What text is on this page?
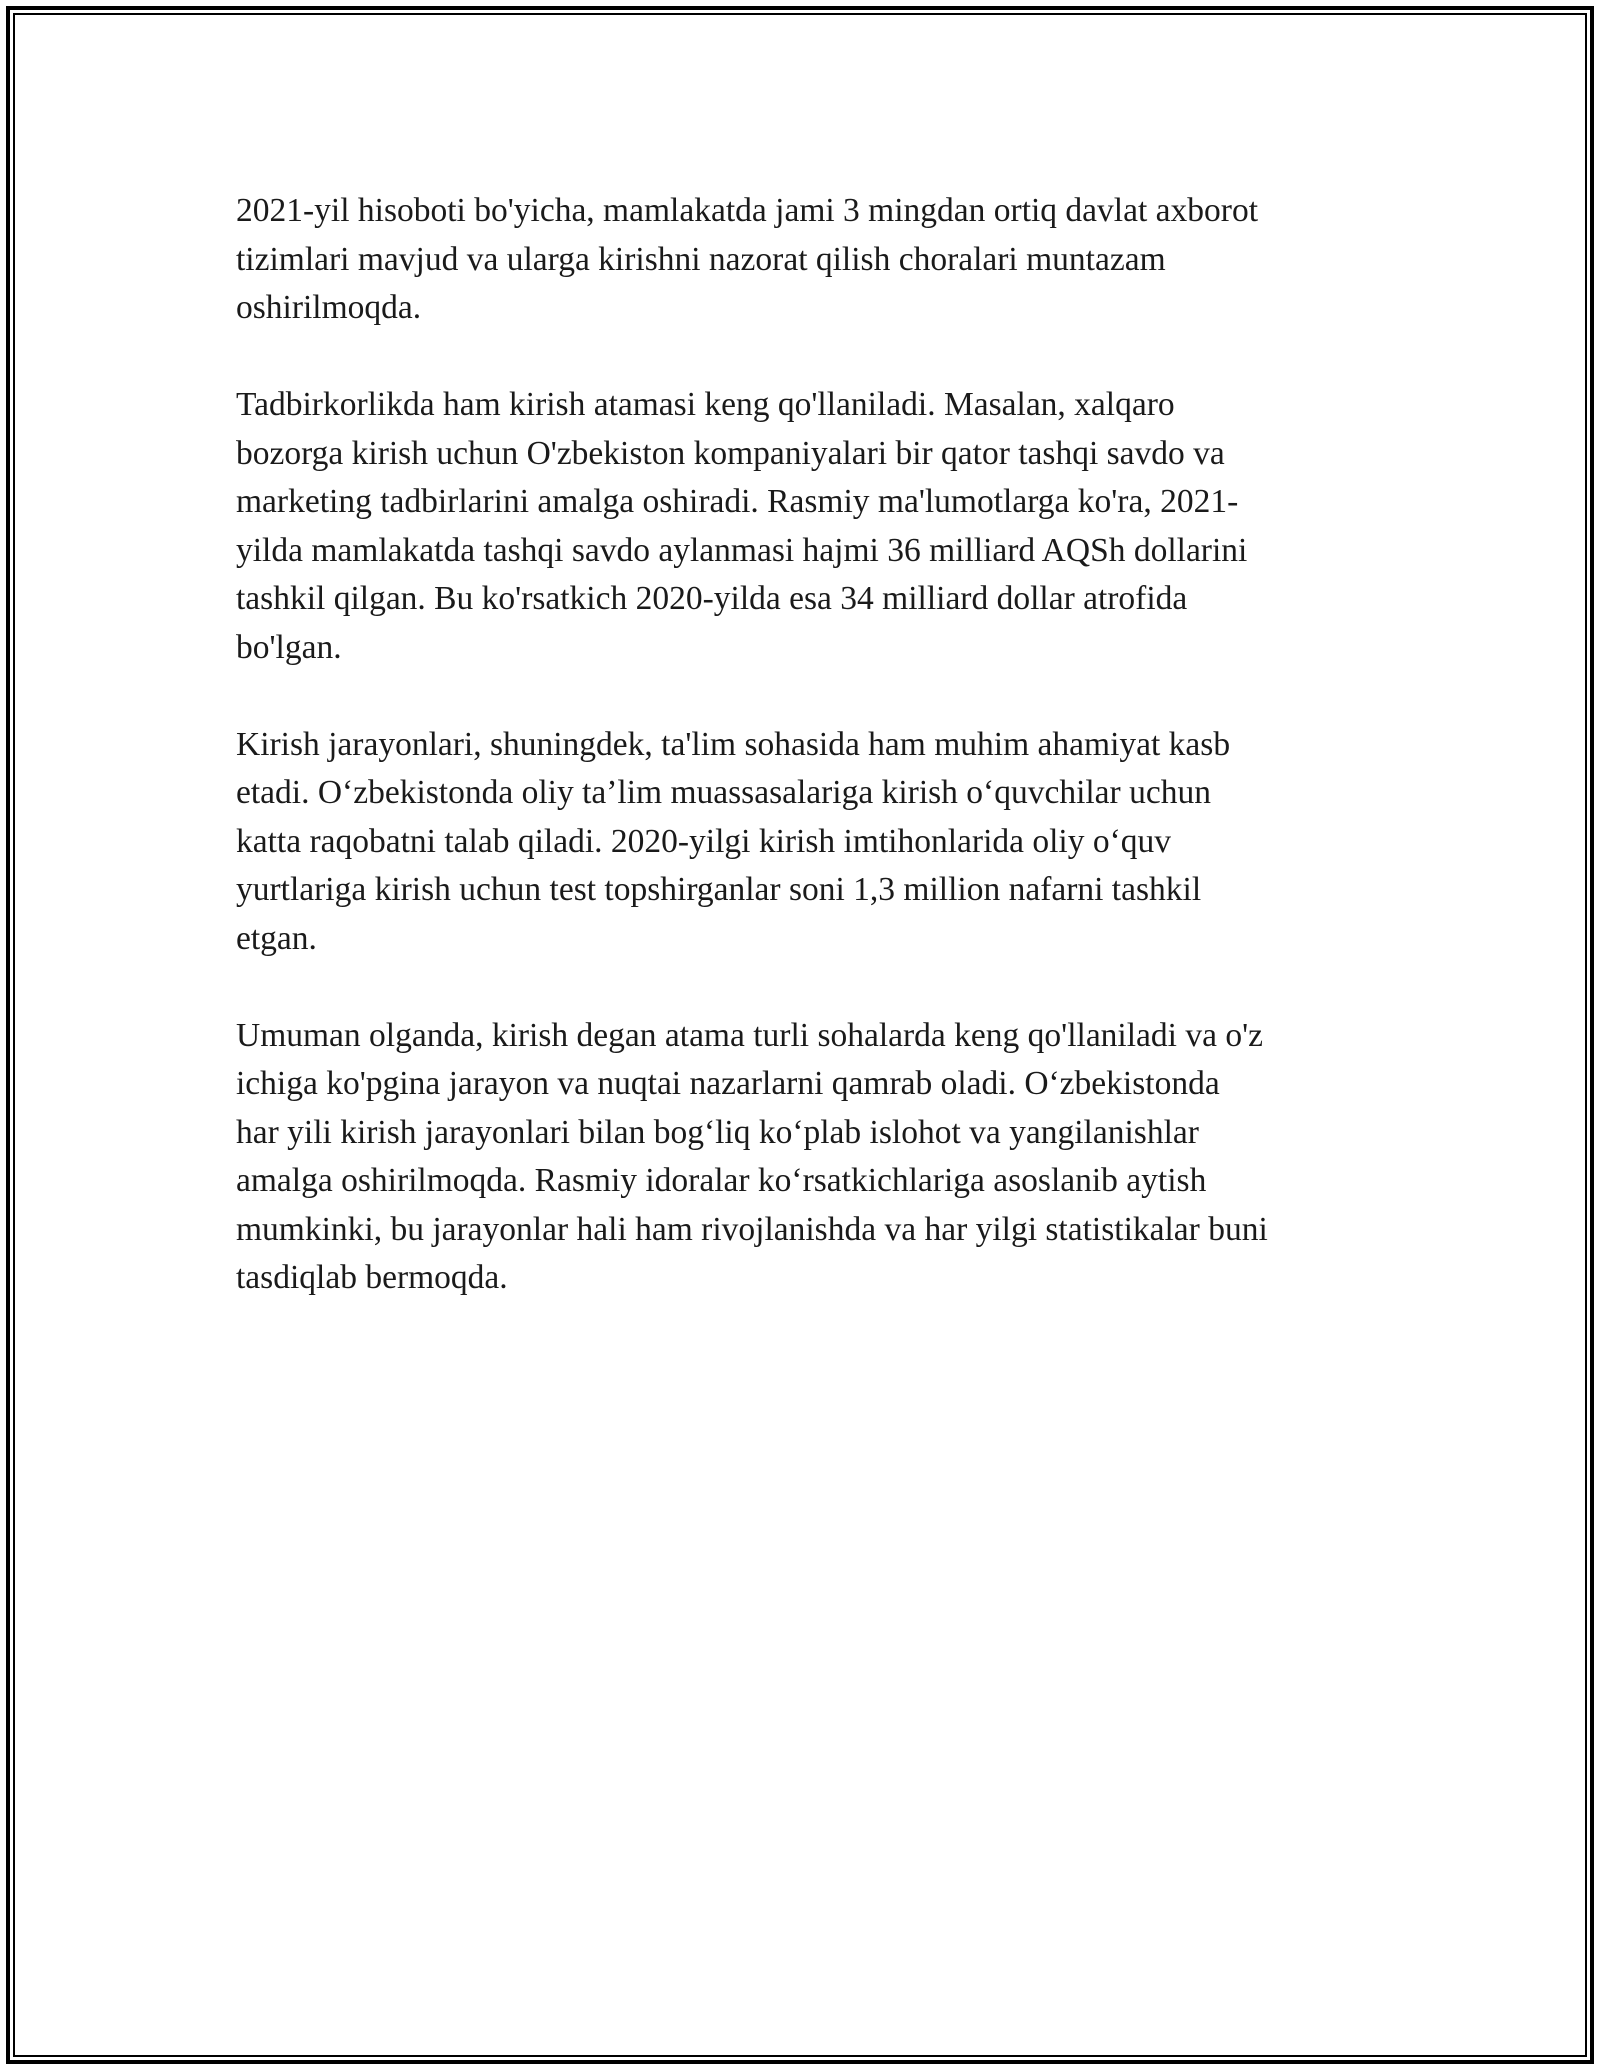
2021-yil hisoboti bo'yicha, mamlakatda jami 3 mingdan ortiq davlat axborot
tizimlari mavjud va ularga kirishni nazorat qilish choralari muntazam
oshirilmoqda.

Tadbirkorlikda ham kirish atamasi keng qo'llaniladi. Masalan, xalqaro
bozorga kirish uchun O'zbekiston kompaniyalari bir qator tashqi savdo va
marketing tadbirlarini amalga oshiradi. Rasmiy ma'lumotlarga ko'ra, 2021-
yilda mamlakatda tashqi savdo aylanmasi hajmi 36 milliard AQSh dollarini
tashkil qilgan. Bu ko'rsatkich 2020-yilda esa 34 milliard dollar atrofida
bo'lgan.

Kirish jarayonlari, shuningdek, ta'lim sohasida ham muhim ahamiyat kasb
etadi. O‘zbekistonda oliy ta’lim muassasalariga kirish o‘quvchilar uchun
katta raqobatni talab qiladi. 2020-yilgi kirish imtihonlarida oliy o‘quv
yurtlariga kirish uchun test topshirganlar soni 1,3 million nafarni tashkil
etgan.

Umuman olganda, kirish degan atama turli sohalarda keng qo'llaniladi va o'z
ichiga ko'pgina jarayon va nuqtai nazarlarni qamrab oladi. O‘zbekistonda
har yili kirish jarayonlari bilan bog‘liq ko‘plab islohot va yangilanishlar
amalga oshirilmoqda. Rasmiy idoralar ko‘rsatkichlariga asoslanib aytish
mumkinki, bu jarayonlar hali ham rivojlanishda va har yilgi statistikalar buni
tasdiqlab bermoqda.
